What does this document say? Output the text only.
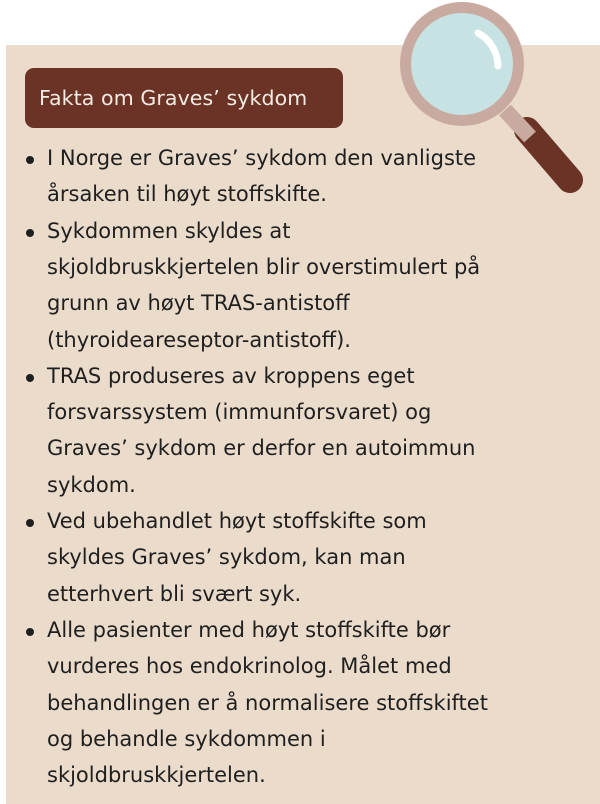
Fakta om Graves’ sykdom
I Norge er Graves’ sykdom den vanligste
årsaken til høyt stoffskifte.
Sykdommen skyldes at
skjoldbruskkjertelen blir overstimulert på
grunn av høyt TRAS-antistoff
(thyroideareseptor-antistoff).
TRAS produseres av kroppens eget
forsvarssystem (immunforsvaret) og
Graves’ sykdom er derfor en autoimmun
sykdom.
Ved ubehandlet høyt stoffskifte som
skyldes Graves’ sykdom, kan man
etterhvert bli svært syk.
Alle pasienter med høyt stoffskifte bør
vurderes hos endokrinolog. Målet med
behandlingen er å normalisere stoffskiftet
og behandle sykdommen i
skjoldbruskkjertelen.
